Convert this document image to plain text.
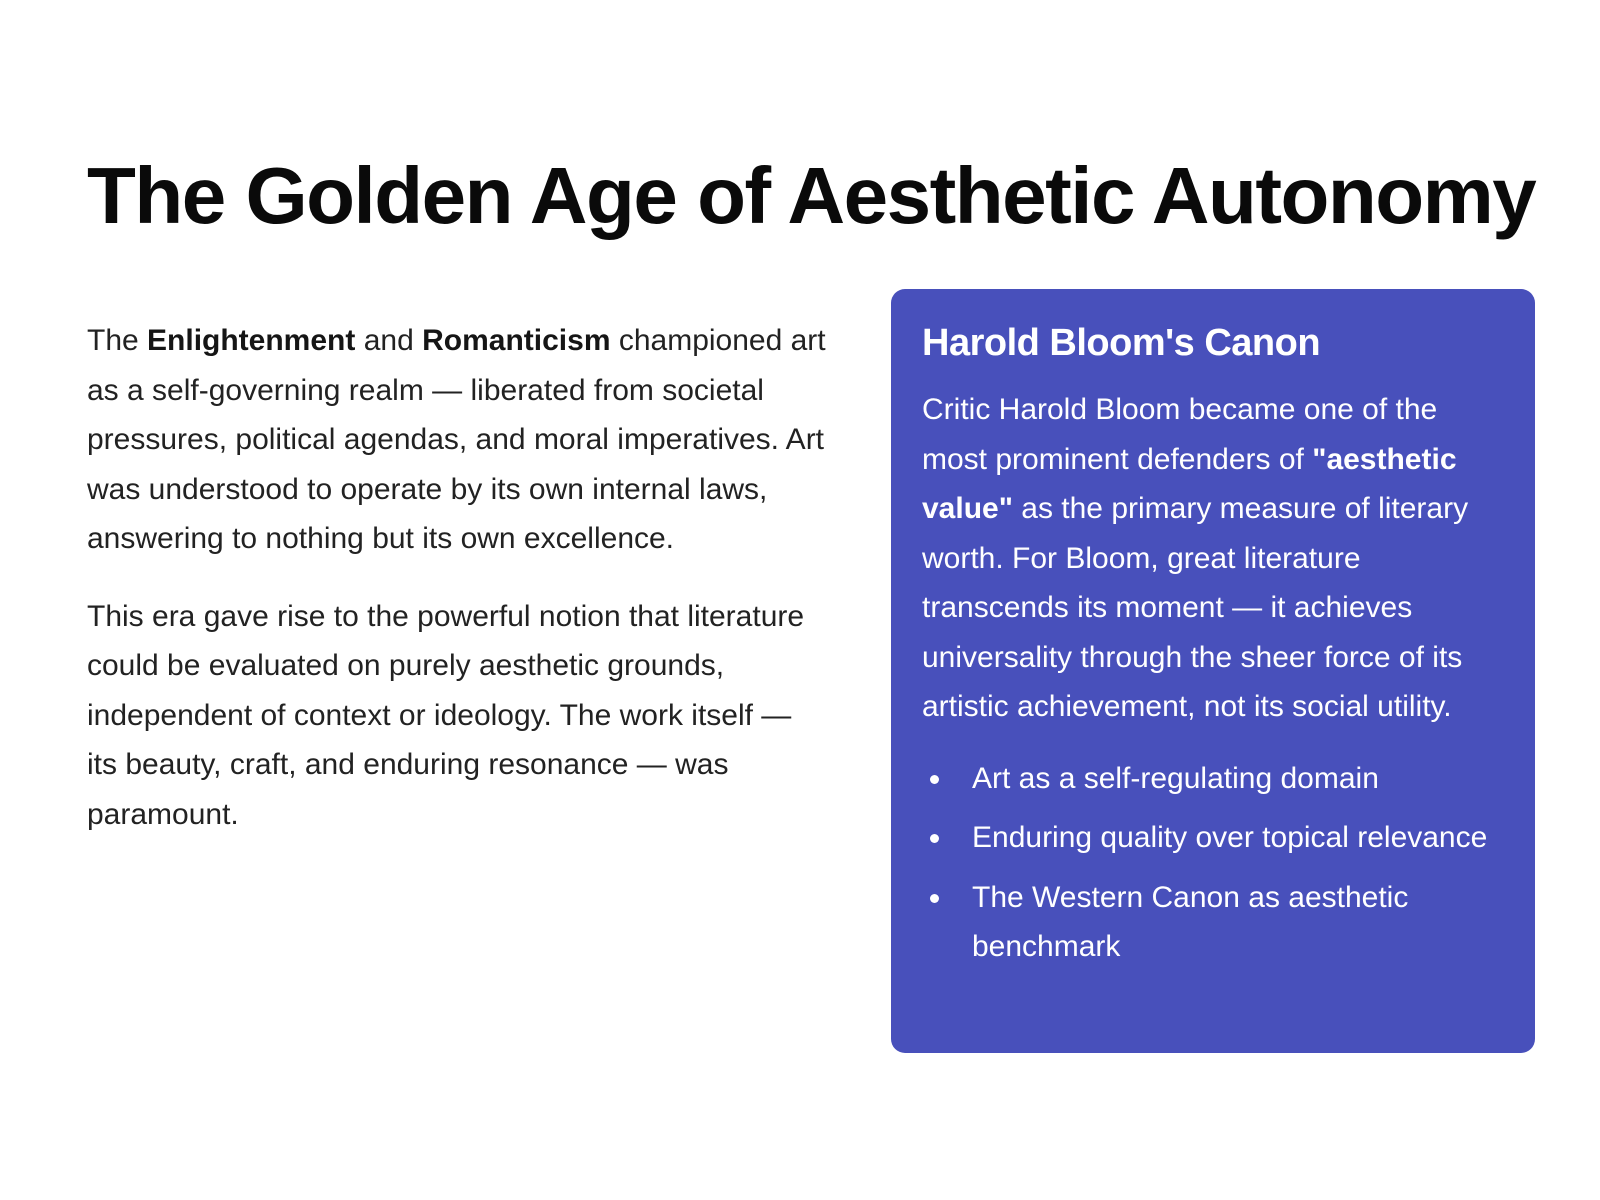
The Golden Age of Aesthetic Autonomy

The Enlightenment and Romanticism championed art as a self-governing realm — liberated from societal pressures, political agendas, and moral imperatives. Art was understood to operate by its own internal laws, answering to nothing but its own excellence.

This era gave rise to the powerful notion that literature could be evaluated on purely aesthetic grounds, independent of context or ideology. The work itself — its beauty, craft, and enduring resonance — was paramount.

Harold Bloom's Canon

Critic Harold Bloom became one of the most prominent defenders of "aesthetic value" as the primary measure of literary worth. For Bloom, great literature transcends its moment — it achieves universality through the sheer force of its artistic achievement, not its social utility.

Art as a self-regulating domain
Enduring quality over topical relevance
The Western Canon as aesthetic benchmark
